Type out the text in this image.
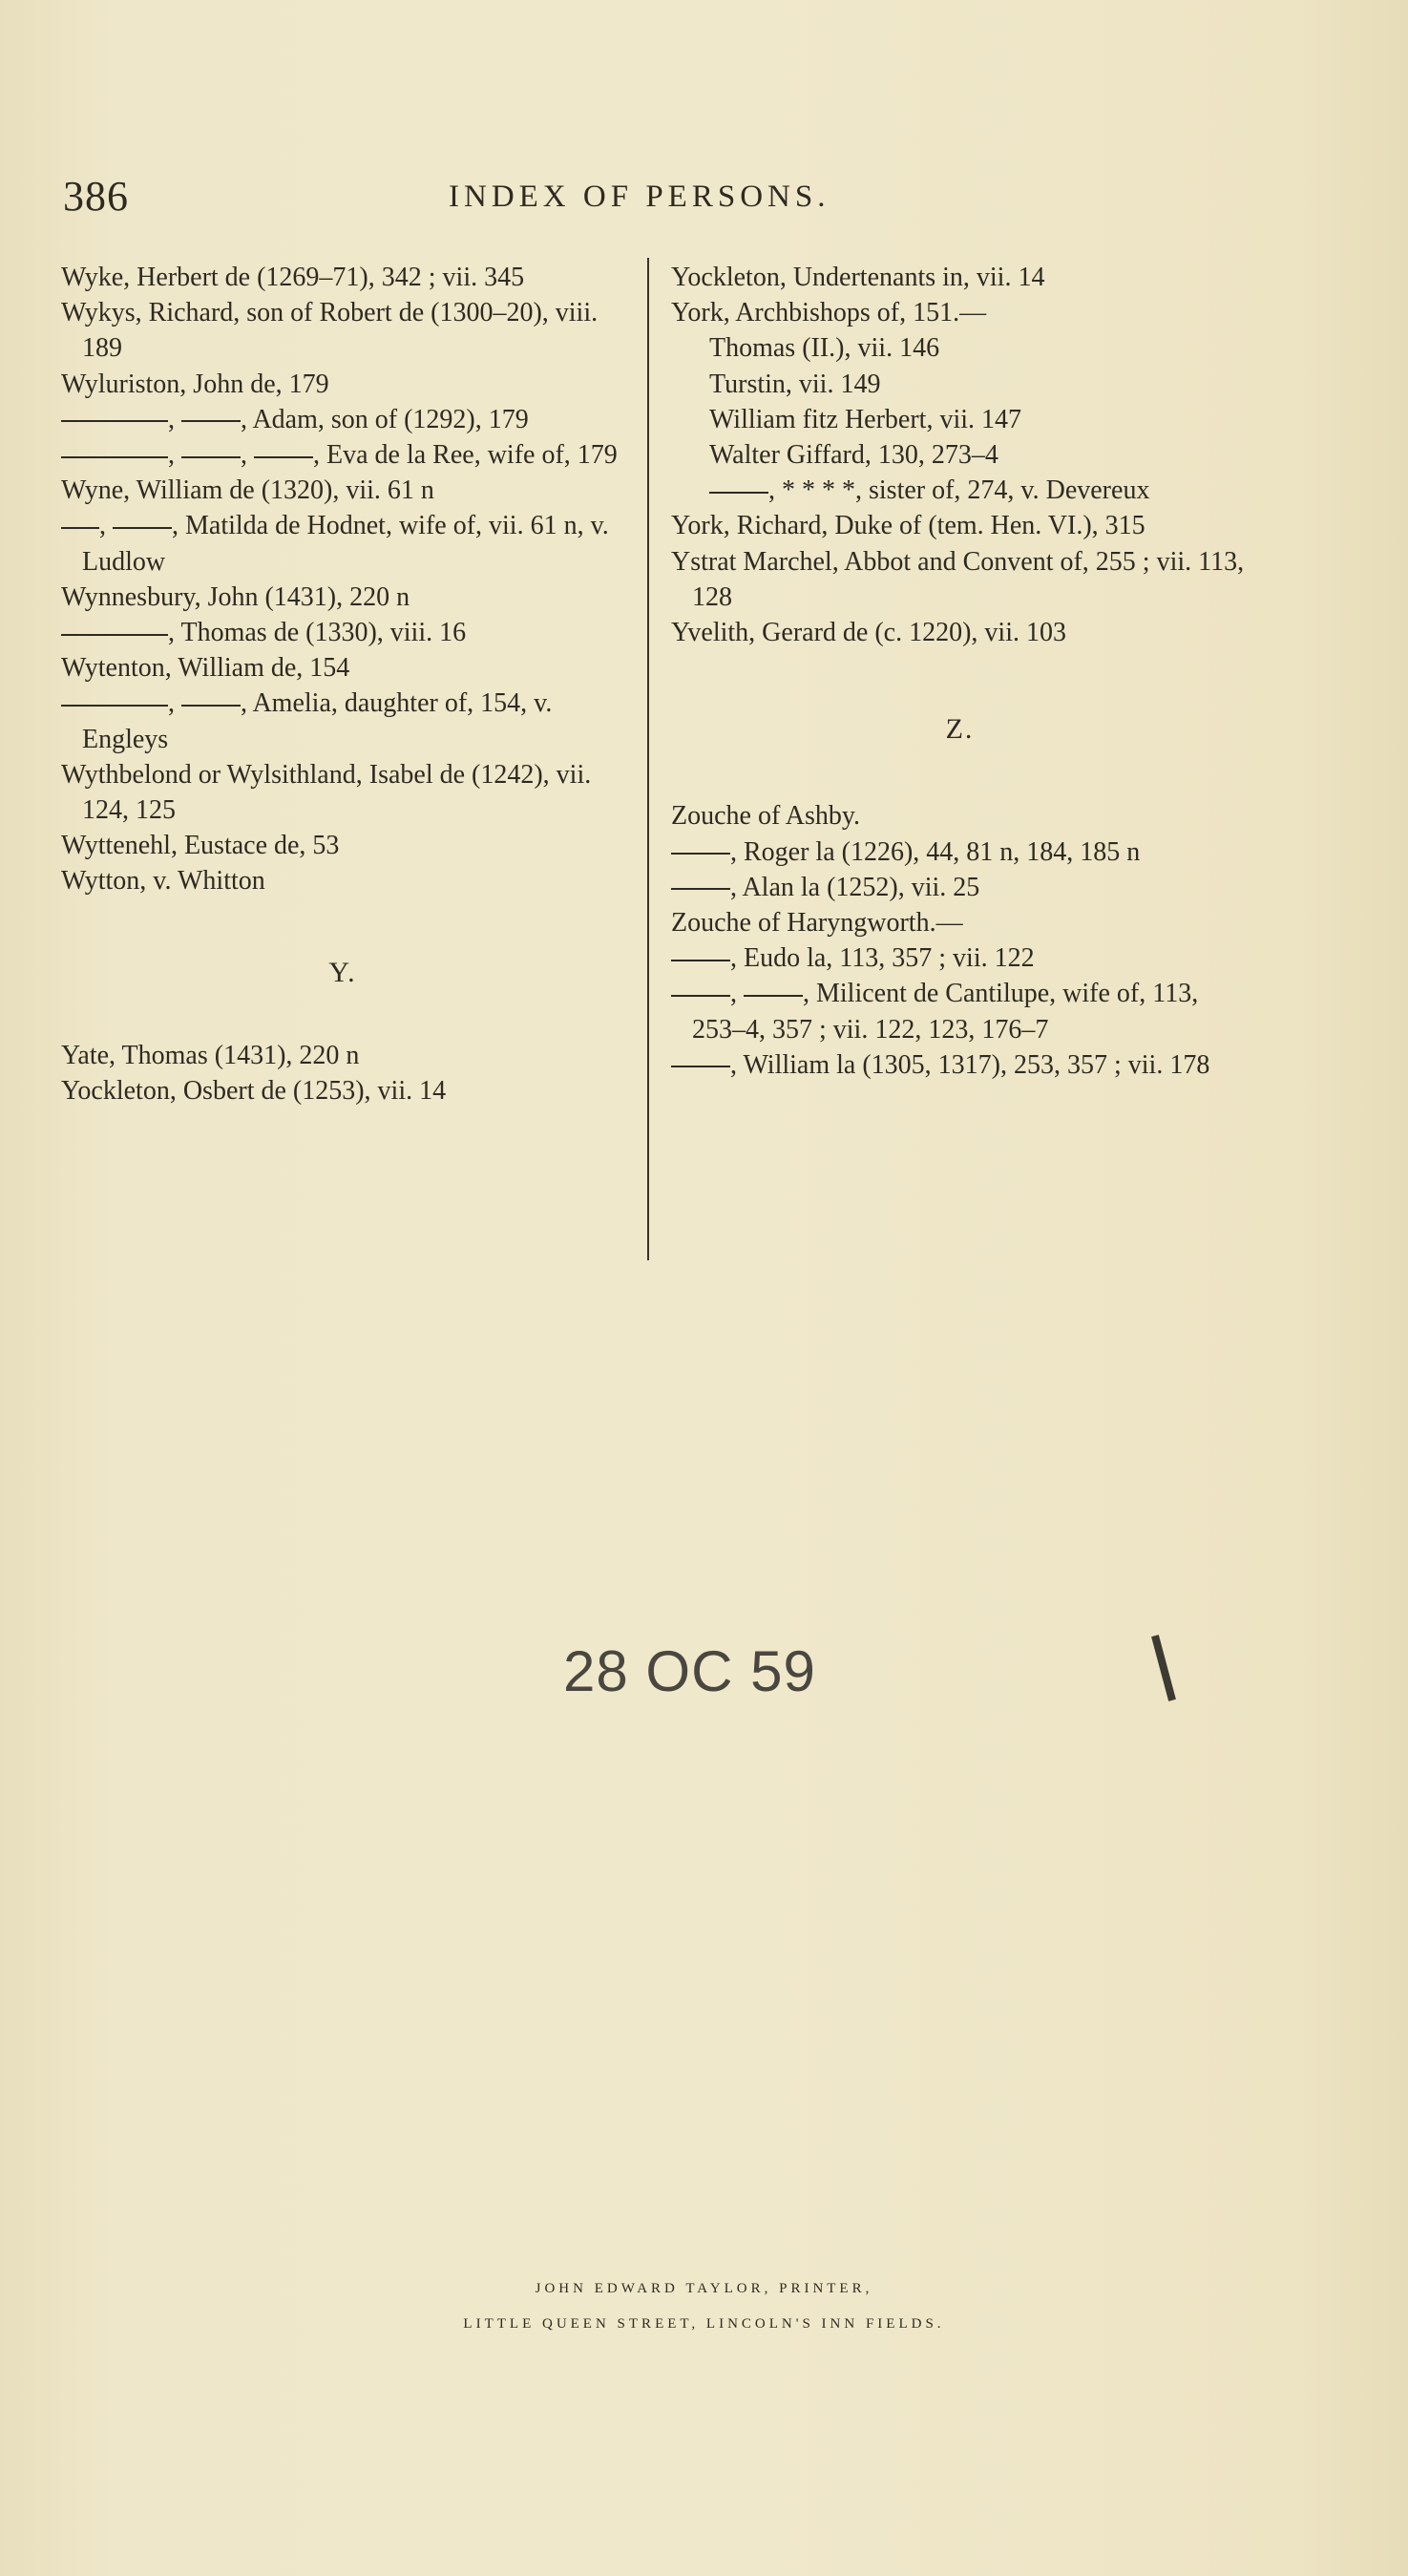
386	INDEX OF PERSONS.
Wyke, Herbert de (1269–71), 342 ; vii. 345
Wykys, Richard, son of Robert de (1300–20), viii. 189
Wyluriston, John de, 179
, , Adam, son of (1292), 179
, , , Eva de la Ree, wife of, 179
Wyne, William de (1320), vii. 61 n
, , Matilda de Hodnet, wife of, vii. 61 n, v. Ludlow
Wynnesbury, John (1431), 220 n
, Thomas de (1330), viii. 16
Wytenton, William de, 154
, , Amelia, daughter of, 154, v. Engleys
Wythbelond or Wylsithland, Isabel de (1242), vii. 124, 125
Wyttenehl, Eustace de, 53
Wytton, v. Whitton
Y.
Yate, Thomas (1431), 220 n
Yockleton, Osbert de (1253), vii. 14
Yockleton, Undertenants in, vii. 14
York, Archbishops of, 151.—
Thomas (II.), vii. 146
Turstin, vii. 149
William fitz Herbert, vii. 147
Walter Giffard, 130, 273–4
, * * * *, sister of, 274, v. Devereux
York, Richard, Duke of (tem. Hen. VI.), 315
Ystrat Marchel, Abbot and Convent of, 255 ; vii. 113, 128
Yvelith, Gerard de (c. 1220), vii. 103
Z.
Zouche of Ashby.
, Roger la (1226), 44, 81 n, 184, 185 n
, Alan la (1252), vii. 25
Zouche of Haryngworth.—
, Eudo la, 113, 357 ; vii. 122
, , Milicent de Cantilupe, wife of, 113, 253–4, 357 ; vii. 122, 123, 176–7
, William la (1305, 1317), 253, 357 ; vii. 178
28 OC 59
JOHN EDWARD TAYLOR, PRINTER,
LITTLE QUEEN STREET, LINCOLN'S INN FIELDS.
